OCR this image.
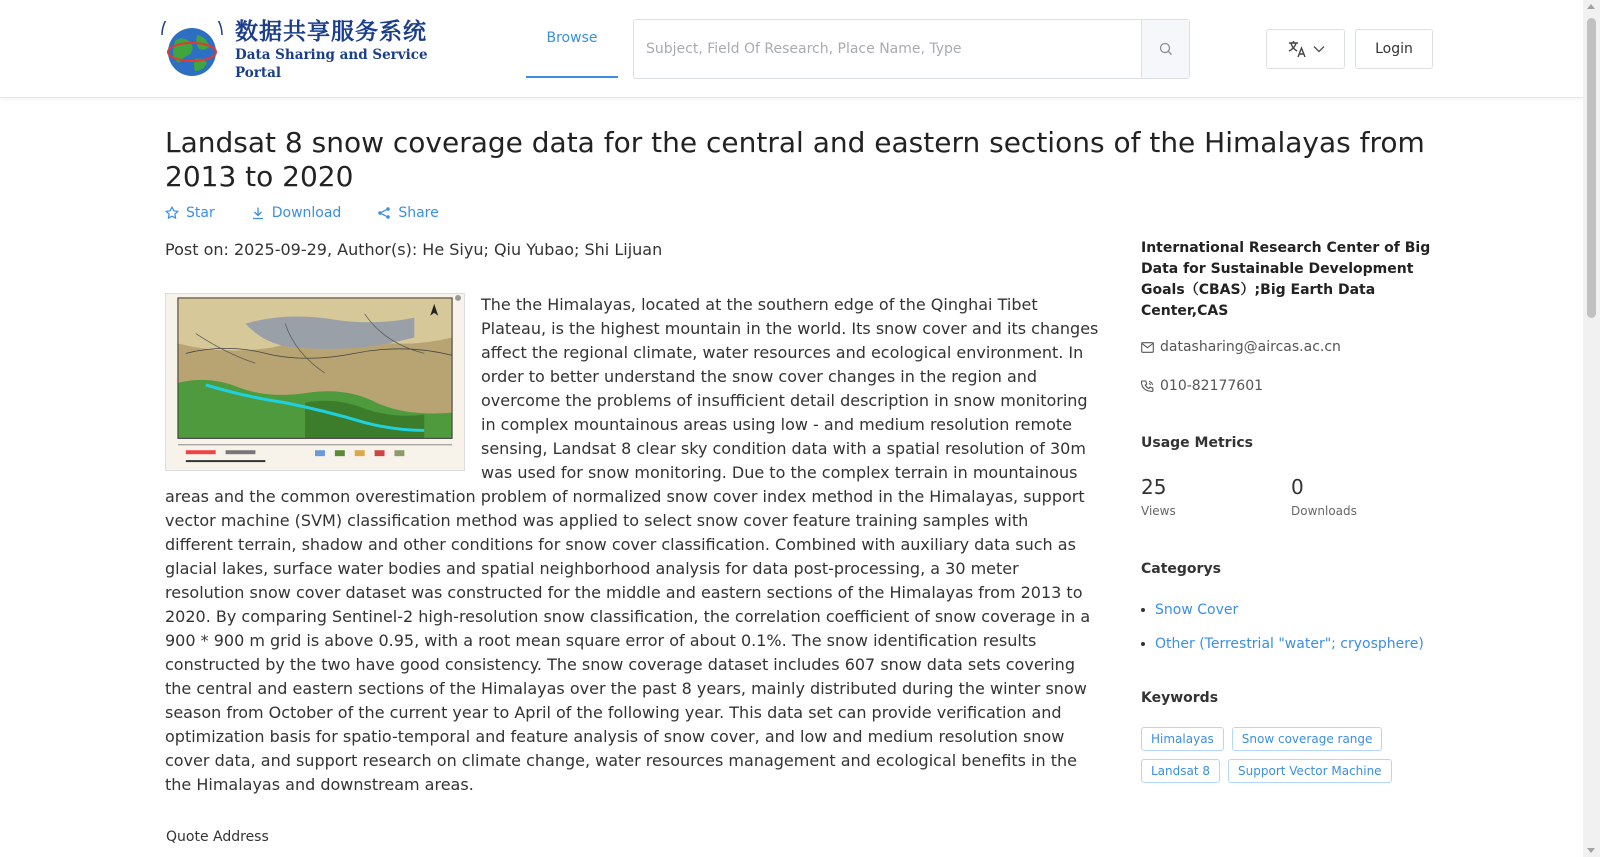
数据共享服务系统
Data Sharing and Service Portal
Browse
Subject, Field Of Research, Place Name, Type
Login
Landsat 8 snow coverage data for the central and eastern sections of the Himalayas from 2013 to 2020
Star	Download	Share
Post on: 2025-09-29, Author(s): He Siyu; Qiu Yubao; Shi Lijuan

The the Himalayas, located at the southern edge of the Qinghai Tibet Plateau, is the highest mountain in the world. Its snow cover and its changes affect the regional climate, water resources and ecological environment. In order to better understand the snow cover changes in the region and overcome the problems of insufficient detail description in snow monitoring in complex mountainous areas using low - and medium resolution remote sensing, Landsat 8 clear sky condition data with a spatial resolution of 30m was used for snow monitoring. Due to the complex terrain in mountainous areas and the common overestimation problem of normalized snow cover index method in the Himalayas, support vector machine (SVM) classification method was applied to select snow cover feature training samples with different terrain, shadow and other conditions for snow cover classification. Combined with auxiliary data such as glacial lakes, surface water bodies and spatial neighborhood analysis for data post-processing, a 30 meter resolution snow cover dataset was constructed for the middle and eastern sections of the Himalayas from 2013 to 2020. By comparing Sentinel-2 high-resolution snow classification, the correlation coefficient of snow coverage in a 900 * 900 m grid is above 0.95, with a root mean square error of about 0.1%. The snow identification results constructed by the two have good consistency. The snow coverage dataset includes 607 snow data sets covering the central and eastern sections of the Himalayas over the past 8 years, mainly distributed during the winter snow season from October of the current year to April of the following year. This data set can provide verification and optimization basis for spatio-temporal and feature analysis of snow cover, and low and medium resolution snow cover data, and support research on climate change, water resources management and ecological benefits in the the Himalayas and downstream areas.

Quote Address
International Research Center of Big Data for Sustainable Development Goals（CBAS）;Big Earth Data Center,CAS
datasharing@aircas.ac.cn
010-82177601
Usage Metrics
25
Views
0
Downloads
Categorys
Snow Cover
Other (Terrestrial "water"; cryosphere)
Keywords
Himalayas	Snow coverage range
Landsat 8	Support Vector Machine
